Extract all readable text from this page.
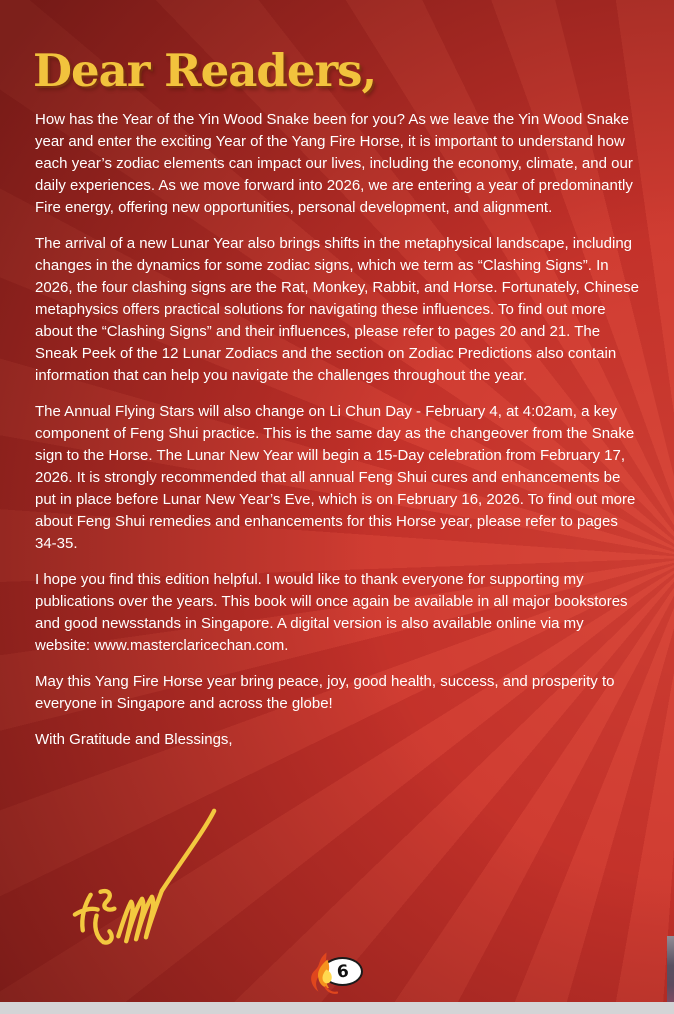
Dear Readers,

How has the Year of the Yin Wood Snake been for you? As we leave the Yin Wood Snake year and enter the exciting Year of the Yang Fire Horse, it is important to understand how each year’s zodiac elements can impact our lives, including the economy, climate, and our daily experiences. As we move forward into 2026, we are entering a year of predominantly Fire energy, offering new opportunities, personal development, and alignment.

The arrival of a new Lunar Year also brings shifts in the metaphysical landscape, including changes in the dynamics for some zodiac signs, which we term as “Clashing Signs”. In 2026, the four clashing signs are the Rat, Monkey, Rabbit, and Horse. Fortunately, Chinese metaphysics offers practical solutions for navigating these influences. To find out more about the “Clashing Signs” and their influences, please refer to pages 20 and 21. The Sneak Peek of the 12 Lunar Zodiacs and the section on Zodiac Predictions also contain information that can help you navigate the challenges throughout the year.

The Annual Flying Stars will also change on Li Chun Day - February 4, at 4:02am, a key component of Feng Shui practice. This is the same day as the changeover from the Snake sign to the Horse. The Lunar New Year will begin a 15-Day celebration from February 17, 2026. It is strongly recommended that all annual Feng Shui cures and enhancements be put in place before Lunar New Year’s Eve, which is on February 16, 2026. To find out more about Feng Shui remedies and enhancements for this Horse year, please refer to pages 34-35.

I hope you find this edition helpful. I would like to thank everyone for supporting my publications over the years. This book will once again be available in all major bookstores and good newsstands in Singapore. A digital version is also available online via my website: www.masterclaricechan.com.

May this Yang Fire Horse year bring peace, joy, good health, success, and prosperity to everyone in Singapore and across the globe!

With Gratitude and Blessings,

6
